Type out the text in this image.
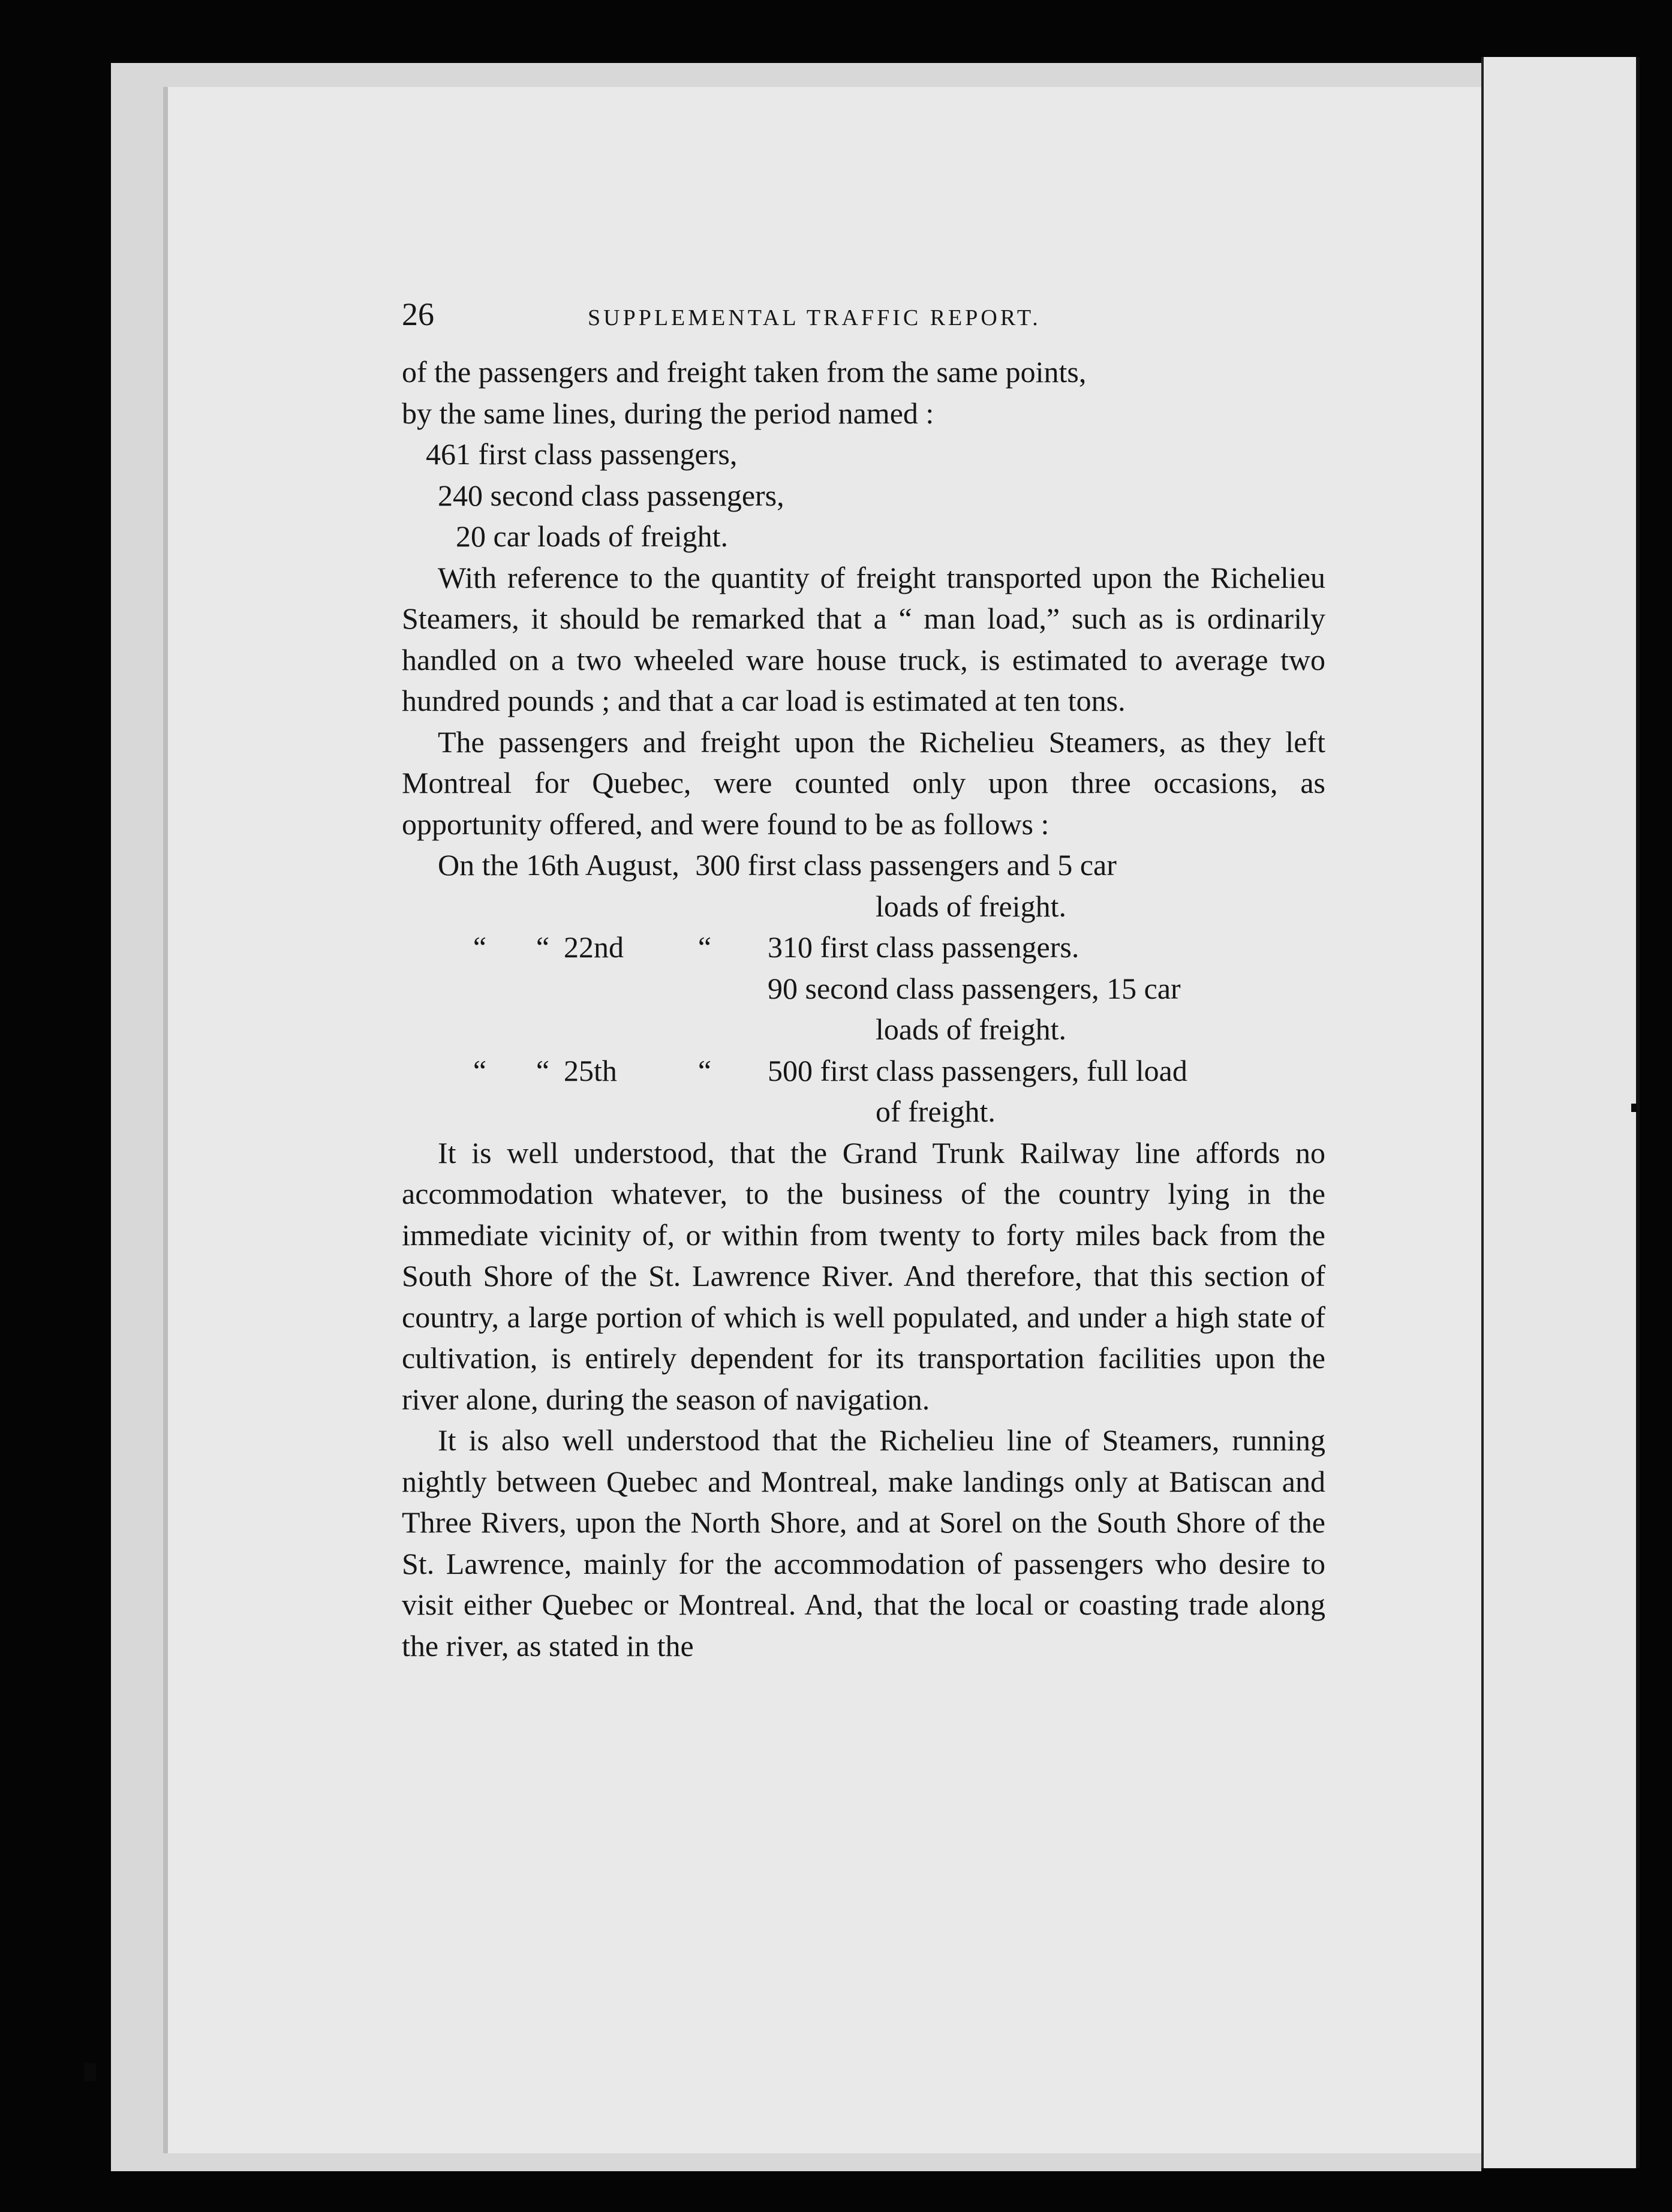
26	SUPPLEMENTAL TRAFFIC REPORT.

of the passengers and freight taken from the same points,

by the same lines, during the period named :

461 first class passengers,
240 second class passengers,
20 car loads of freight.

With reference to the quantity of freight transported upon the Richelieu Steamers, it should be remarked that a “ man load,” such as is ordinarily handled on a two wheeled ware house truck, is estimated to average two hundred pounds ; and that a car load is estimated at ten tons.

The passengers and freight upon the Richelieu Steamers, as they left Montreal for Quebec, were counted only upon three occasions, as opportunity offered, and were found to be as follows :

On the 16th August, 300 first class passengers and 5 car
loads of freight.
“	“ 22nd	“	310 first class passengers.
90 second class passengers, 15 car
loads of freight.
“	“ 25th	“	500 first class passengers, full load
of freight.

It is well understood, that the Grand Trunk Railway line affords no accommodation whatever, to the business of the country lying in the immediate vicinity of, or within from twenty to forty miles back from the South Shore of the St. Lawrence River. And therefore, that this section of country, a large portion of which is well populated, and under a high state of cultivation, is entirely dependent for its transportation facilities upon the river alone, during the season of navigation.

It is also well understood that the Richelieu line of Steamers, running nightly between Quebec and Montreal, make landings only at Batiscan and Three Rivers, upon the North Shore, and at Sorel on the South Shore of the St. Lawrence, mainly for the accommodation of passengers who desire to visit either Quebec or Montreal. And, that the local or coasting trade along the river, as stated in the
